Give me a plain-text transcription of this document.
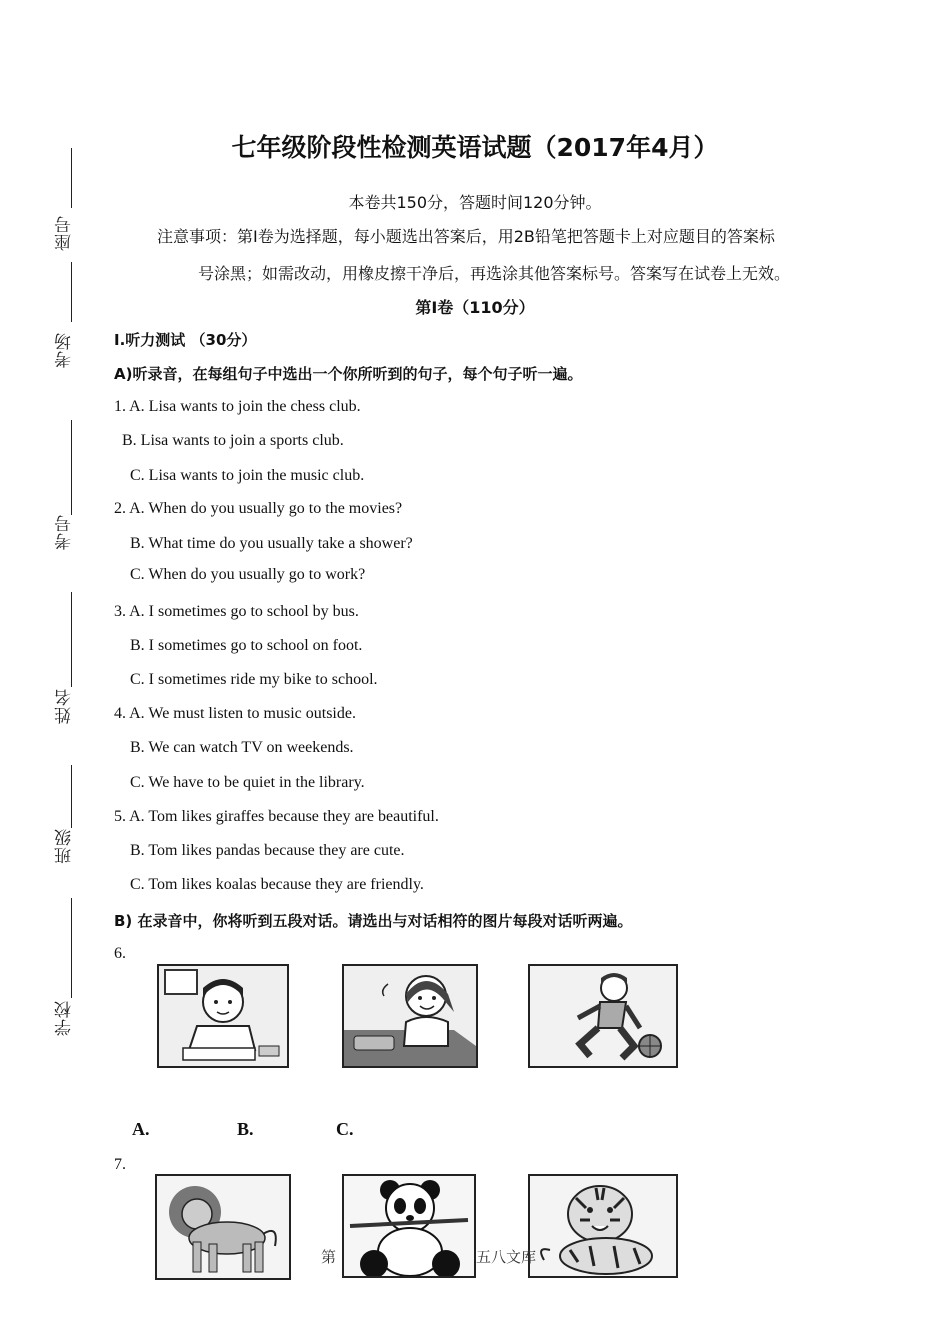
座号
考场
考号
姓名
班级
学校
七年级阶段性检测英语试题（2017年4月）
本卷共150分，答题时间120分钟。
注意事项：第Ⅰ卷为选择题，每小题选出答案后，用2B铅笔把答题卡上对应题目的答案标
号涂黑；如需改动，用橡皮擦干净后，再选涂其他答案标号。答案写在试卷上无效。
第I卷（110分）
I.听力测试 （30分）
A)听录音，在每组句子中选出一个你所听到的句子，每个句子听一遍。
1. A. Lisa wants to join the chess club.
B. Lisa wants to join a sports club.
C. Lisa wants to join the music club.
2. A. When do you usually go to the movies?
B. What time do you usually take a shower?
C. When do you usually go to work?
3. A. I sometimes go to school by bus.
B. I sometimes go to school on foot.
C. I sometimes ride my bike to school.
4. A. We must listen to music outside.
B. We can watch TV on weekends.
C. We have to be quiet in the library.
5. A. Tom likes giraffes because they are beautiful.
B. Tom likes pandas because they are cute.
C. Tom likes koalas because they are friendly.
B) 在录音中，你将听到五段对话。请选出与对话相符的图片每段对话听两遍。
6.
A.	B.	C.
7.
第	五八文库
